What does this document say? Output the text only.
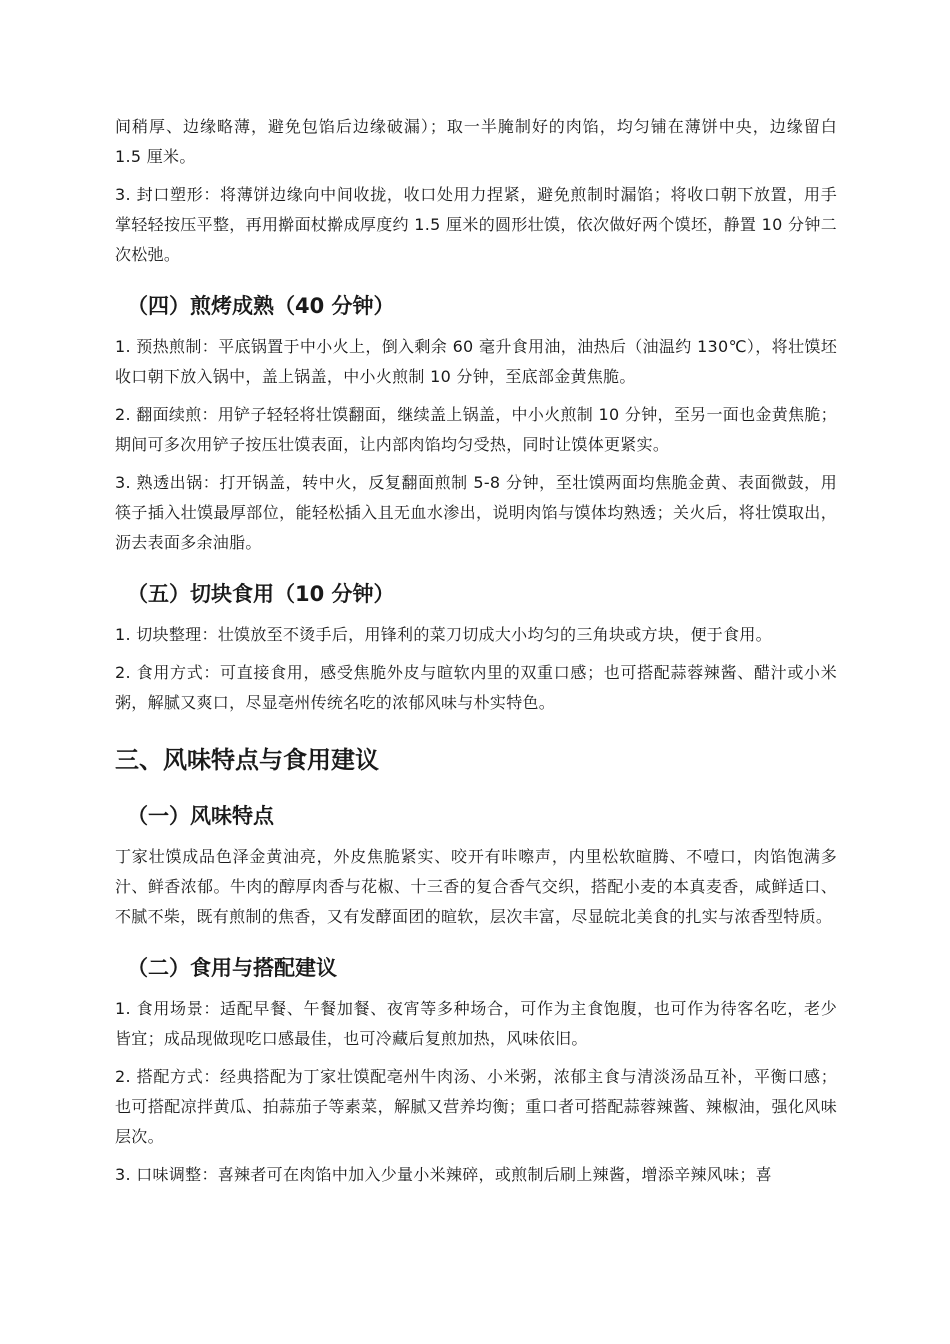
间稍厚、边缘略薄，避免包馅后边缘破漏）；取一半腌制好的肉馅，均匀铺在薄饼中央，边缘留白 1.5 厘米。

3. 封口塑形：将薄饼边缘向中间收拢，收口处用力捏紧，避免煎制时漏馅；将收口朝下放置，用手掌轻轻按压平整，再用擀面杖擀成厚度约 1.5 厘米的圆形壮馍，依次做好两个馍坯，静置 10 分钟二次松弛。

（四）煎烤成熟（40 分钟）

1. 预热煎制：平底锅置于中小火上，倒入剩余 60 毫升食用油，油热后（油温约 130℃），将壮馍坯收口朝下放入锅中，盖上锅盖，中小火煎制 10 分钟，至底部金黄焦脆。

2. 翻面续煎：用铲子轻轻将壮馍翻面，继续盖上锅盖，中小火煎制 10 分钟，至另一面也金黄焦脆；期间可多次用铲子按压壮馍表面，让内部肉馅均匀受热，同时让馍体更紧实。

3. 熟透出锅：打开锅盖，转中火，反复翻面煎制 5-8 分钟，至壮馍两面均焦脆金黄、表面微鼓，用筷子插入壮馍最厚部位，能轻松插入且无血水渗出，说明肉馅与馍体均熟透；关火后，将壮馍取出，沥去表面多余油脂。

（五）切块食用（10 分钟）

1. 切块整理：壮馍放至不烫手后，用锋利的菜刀切成大小均匀的三角块或方块，便于食用。

2. 食用方式：可直接食用，感受焦脆外皮与暄软内里的双重口感；也可搭配蒜蓉辣酱、醋汁或小米粥，解腻又爽口，尽显亳州传统名吃的浓郁风味与朴实特色。

三、风味特点与食用建议
（一）风味特点

丁家壮馍成品色泽金黄油亮，外皮焦脆紧实、咬开有咔嚓声，内里松软暄腾、不噎口，肉馅饱满多汁、鲜香浓郁。牛肉的醇厚肉香与花椒、十三香的复合香气交织，搭配小麦的本真麦香，咸鲜适口、不腻不柴，既有煎制的焦香，又有发酵面团的暄软，层次丰富，尽显皖北美食的扎实与浓香型特质。

（二）食用与搭配建议

1. 食用场景：适配早餐、午餐加餐、夜宵等多种场合，可作为主食饱腹，也可作为待客名吃，老少皆宜；成品现做现吃口感最佳，也可冷藏后复煎加热，风味依旧。

2. 搭配方式：经典搭配为丁家壮馍配亳州牛肉汤、小米粥，浓郁主食与清淡汤品互补，平衡口感；也可搭配凉拌黄瓜、拍蒜茄子等素菜，解腻又营养均衡；重口者可搭配蒜蓉辣酱、辣椒油，强化风味层次。

3. 口味调整：喜辣者可在肉馅中加入少量小米辣碎，或煎制后刷上辣酱，增添辛辣风味；喜
